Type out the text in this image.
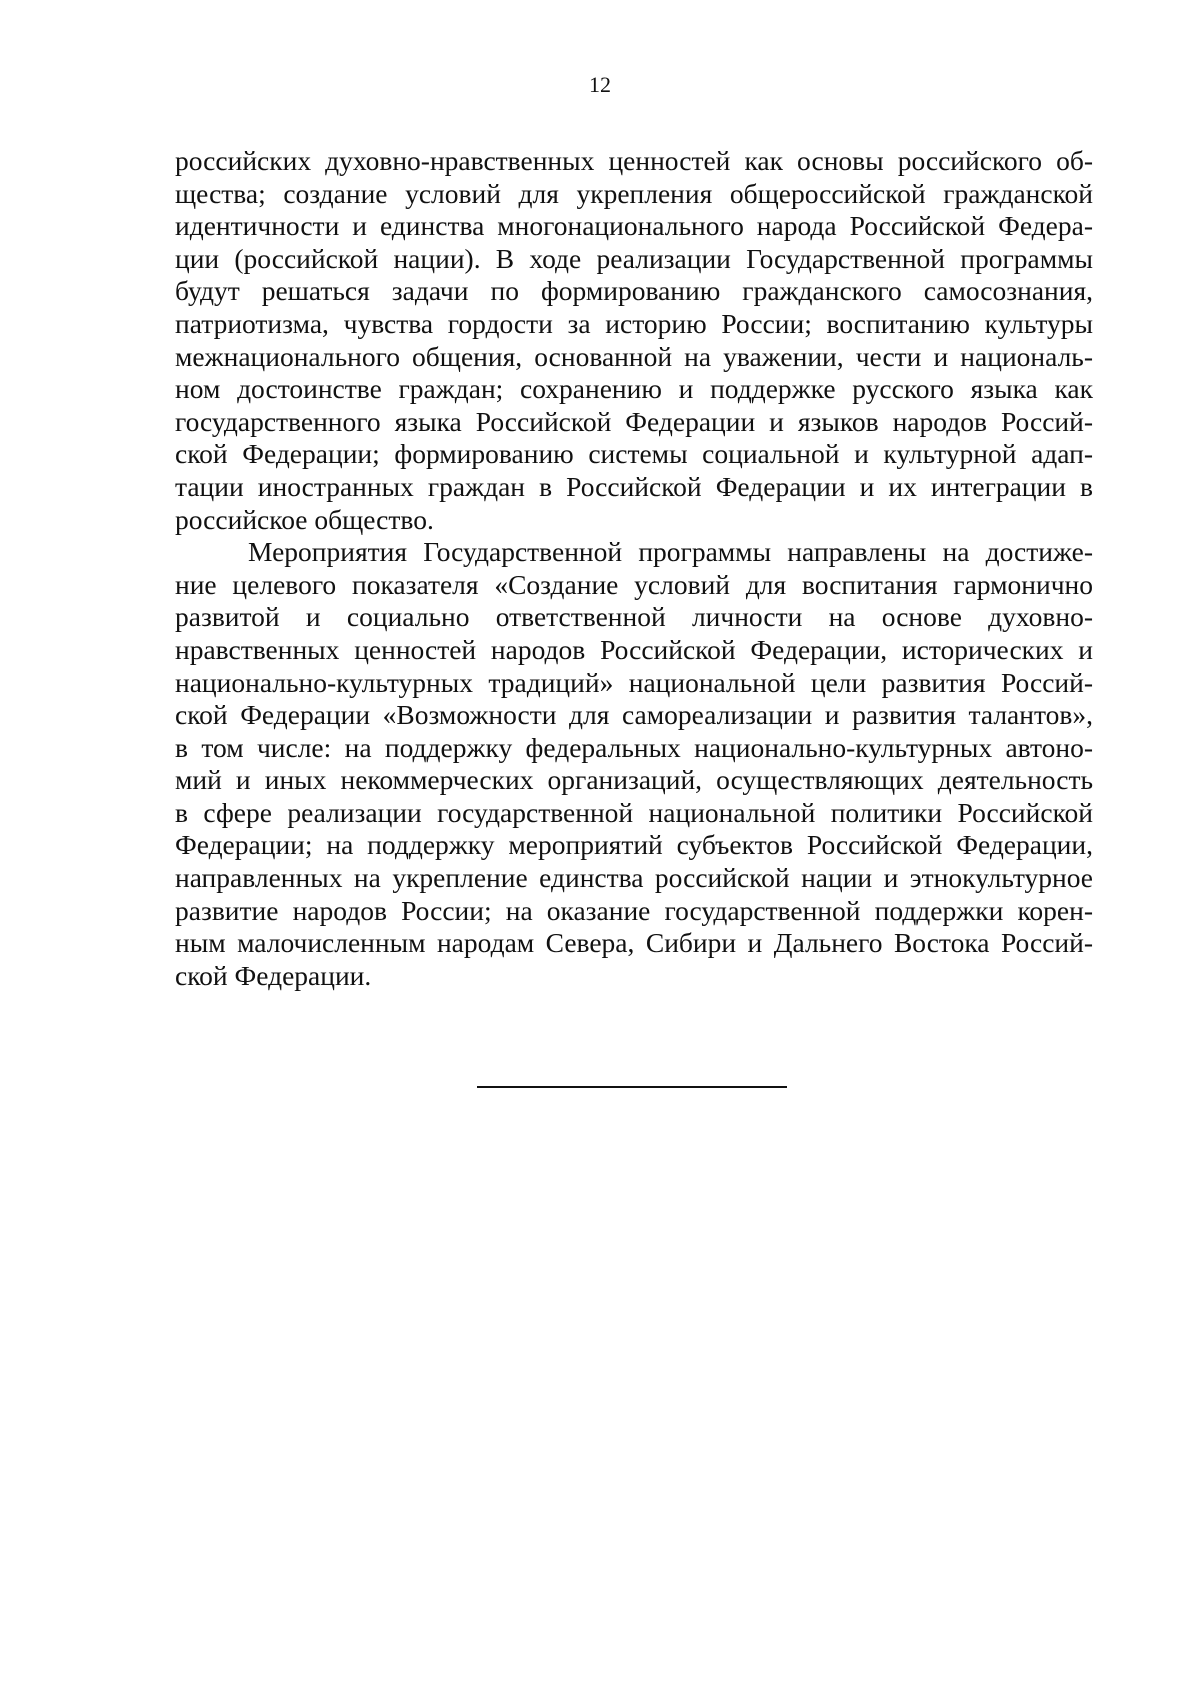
12
российских духовно-нравственных ценностей как основы российского об-
щества; создание условий для укрепления общероссийской гражданской
идентичности и единства многонационального народа Российской Федера-
ции (российской нации). В ходе реализации Государственной программы
будут решаться задачи по формированию гражданского самосознания,
патриотизма, чувства гордости за историю России; воспитанию культуры
межнационального общения, основанной на уважении, чести и националь-
ном достоинстве граждан; сохранению и поддержке русского языка как
государственного языка Российской Федерации и языков народов Россий-
ской Федерации; формированию системы социальной и культурной адап-
тации иностранных граждан в Российской Федерации и их интеграции в
российское общество.
Мероприятия Государственной программы направлены на достиже-
ние целевого показателя «Создание условий для воспитания гармонично
развитой и социально ответственной личности на основе духовно-
нравственных ценностей народов Российской Федерации, исторических и
национально-культурных традиций» национальной цели развития Россий-
ской Федерации «Возможности для самореализации и развития талантов»,
в том числе: на поддержку федеральных национально-культурных автоно-
мий и иных некоммерческих организаций, осуществляющих деятельность
в сфере реализации государственной национальной политики Российской
Федерации; на поддержку мероприятий субъектов Российской Федерации,
направленных на укрепление единства российской нации и этнокультурное
развитие народов России; на оказание государственной поддержки корен-
ным малочисленным народам Севера, Сибири и Дальнего Востока Россий-
ской Федерации.
